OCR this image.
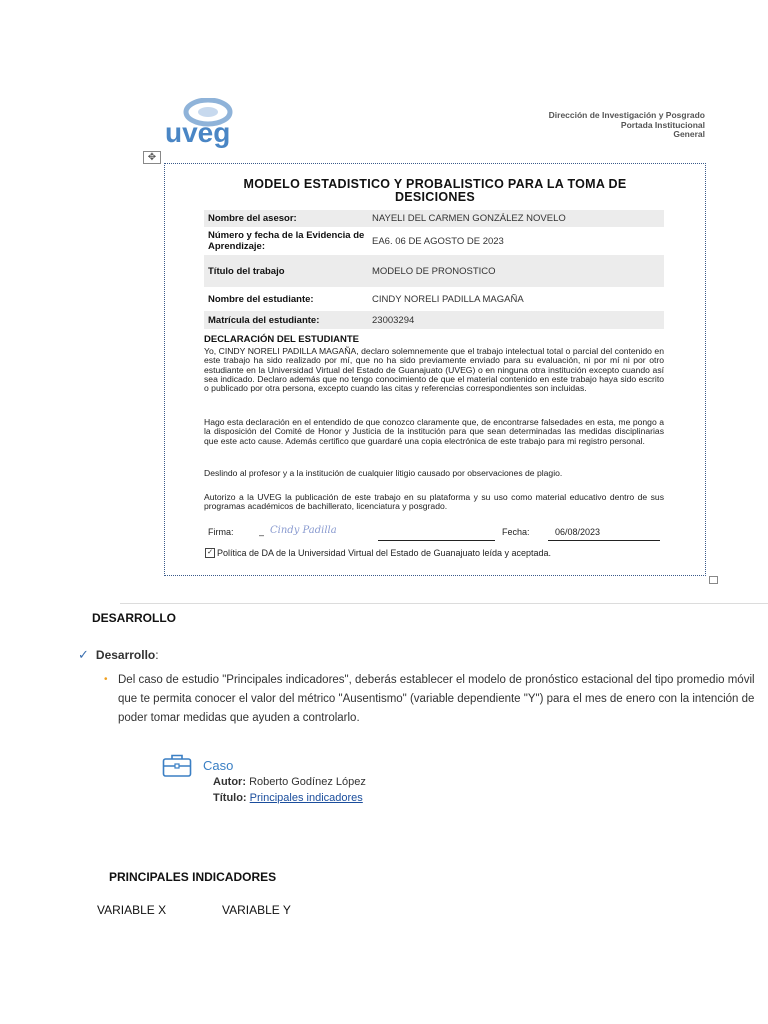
uveg
Dirección de Investigación y Posgrado
Portada Institucional
General
✥
MODELO ESTADISTICO Y PROBALISTICO PARA LA TOMA DE DESICIONES
Nombre del asesor:	NAYELI DEL CARMEN GONZÁLEZ NOVELO
Número y fecha de la Evidencia de Aprendizaje:	EA6. 06 DE AGOSTO DE 2023
Título del trabajo	MODELO DE PRONOSTICO
Nombre del estudiante:	CINDY NORELI PADILLA MAGAÑA
Matrícula del estudiante:	23003294
DECLARACIÓN DEL ESTUDIANTE
Yo, CINDY NORELI PADILLA MAGAÑA, declaro solemnemente que el trabajo intelectual total o parcial del contenido en este trabajo ha sido realizado por mí, que no ha sido previamente enviado para su evaluación, ni por mí ni por otro estudiante en la Universidad Virtual del Estado de Guanajuato (UVEG) o en ninguna otra institución excepto cuando así sea indicado. Declaro además que no tengo conocimiento de que el material contenido en este trabajo haya sido escrito o publicado por otra persona, excepto cuando las citas y referencias correspondientes son incluidas.
Hago esta declaración en el entendido de que conozco claramente que, de encontrarse falsedades en esta, me pongo a la disposición del Comité de Honor y Justicia de la institución para que sean determinadas las medidas disciplinarias que este acto cause. Además certifico que guardaré una copia electrónica de este trabajo para mi registro personal.
Deslindo al profesor y a la institución de cualquier litigio causado por observaciones de plagio.
Autorizo a la UVEG la publicación de este trabajo en su plataforma y su uso como material educativo dentro de sus programas académicos de bachillerato, licenciatura y posgrado.
Firma:	– Cindy Padilla	Fecha:	06/08/2023
✓ Política de DA de la Universidad Virtual del Estado de Guanajuato leída y aceptada.
DESARROLLO
✓ Desarrollo :
• Del caso de estudio "Principales indicadores", deberás establecer el modelo de pronóstico estacional del tipo promedio móvil que te permita conocer el valor del métrico "Ausentismo" (variable dependiente "Y") para el mes de enero con la intención de poder tomar medidas que ayuden a controlarlo.
Caso
Autor: Roberto Godínez López
Título: Principales indicadores
PRINCIPALES INDICADORES
VARIABLE X	VARIABLE Y
